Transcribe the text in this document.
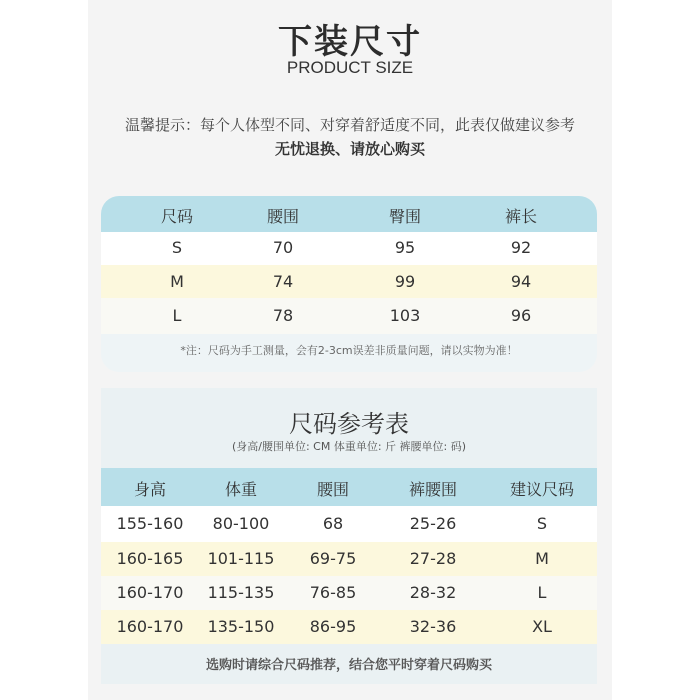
下装尺寸
PRODUCT SIZE
温馨提示：每个人体型不同、对穿着舒适度不同，此表仅做建议参考
无忧退换、请放心购买
尺码	腰围	臀围	裤长
S	70	95	92
M	74	99	94
L	78	103	96
*注：尺码为手工测量，会有2-3cm误差非质量问题，请以实物为准！
尺码参考表
(身高/腰围单位: CM 体重单位: 斤 裤腰单位: 码)
身高	体重	腰围	裤腰围	建议尺码
155-160	80-100	68	25-26	S
160-165	101-115	69-75	27-28	M
160-170	115-135	76-85	28-32	L
160-170	135-150	86-95	32-36	XL
选购时请综合尺码推荐，结合您平时穿着尺码购买
